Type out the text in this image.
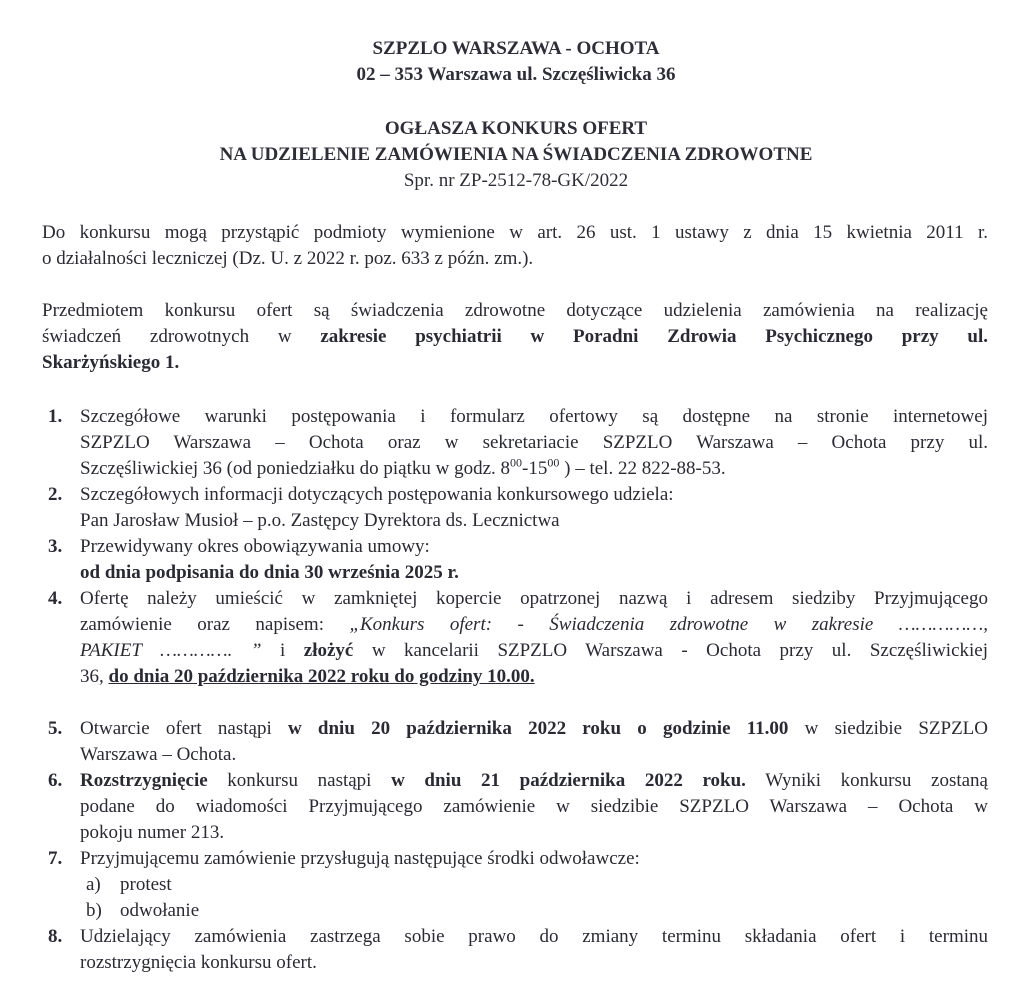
SZPZLO WARSZAWA - OCHOTA
02 – 353 Warszawa ul. Szczęśliwicka 36
OGŁASZA KONKURS OFERT
NA UDZIELENIE ZAMÓWIENIA NA ŚWIADCZENIA ZDROWOTNE
Spr. nr ZP-2512-78-GK/2022
Do konkursu mogą przystąpić podmioty wymienione w art. 26 ust. 1 ustawy z dnia 15 kwietnia 2011 r.
o działalności leczniczej (Dz. U. z 2022 r. poz. 633 z późn. zm.).
Przedmiotem konkursu ofert są świadczenia zdrowotne dotyczące udzielenia zamówienia na realizację
świadczeń zdrowotnych w zakresie psychiatrii w Poradni Zdrowia Psychicznego przy ul.
Skarżyńskiego 1.
1. Szczegółowe warunki postępowania i formularz ofertowy są dostępne na stronie internetowej
SZPZLO Warszawa – Ochota oraz w sekretariacie SZPZLO Warszawa – Ochota przy ul.
Szczęśliwickiej 36 (od poniedziałku do piątku w godz. $8^{00}-15^{00}$ ) – tel. 22 822-88-53.
2. Szczegółowych informacji dotyczących postępowania konkursowego udziela:
Pan Jarosław Musioł – p.o. Zastępcy Dyrektora ds. Lecznictwa
3. Przewidywany okres obowiązywania umowy:
od dnia podpisania do dnia 30 września 2025 r.
4. Ofertę należy umieścić w zamkniętej kopercie opatrzonej nazwą i adresem siedziby Przyjmującego
zamówienie oraz napisem: „Konkurs ofert: - Świadczenia zdrowotne w zakresie ……………,
PAKIET …………. ” i złożyć w kancelarii SZPZLO Warszawa - Ochota przy ul. Szczęśliwickiej
36, do dnia 20 października 2022 roku do godziny 10.00.
5. Otwarcie ofert nastąpi w dniu 20 października 2022 roku o godzinie 11.00 w siedzibie SZPZLO
Warszawa – Ochota.
6. Rozstrzygnięcie konkursu nastąpi w dniu 21 października 2022 roku. Wyniki konkursu zostaną
podane do wiadomości Przyjmującego zamówienie w siedzibie SZPZLO Warszawa – Ochota w
pokoju numer 213.
7. Przyjmującemu zamówienie przysługują następujące środki odwoławcze:
a) protest
b) odwołanie
8. Udzielający zamówienia zastrzega sobie prawo do zmiany terminu składania ofert i terminu
rozstrzygnięcia konkursu ofert.
